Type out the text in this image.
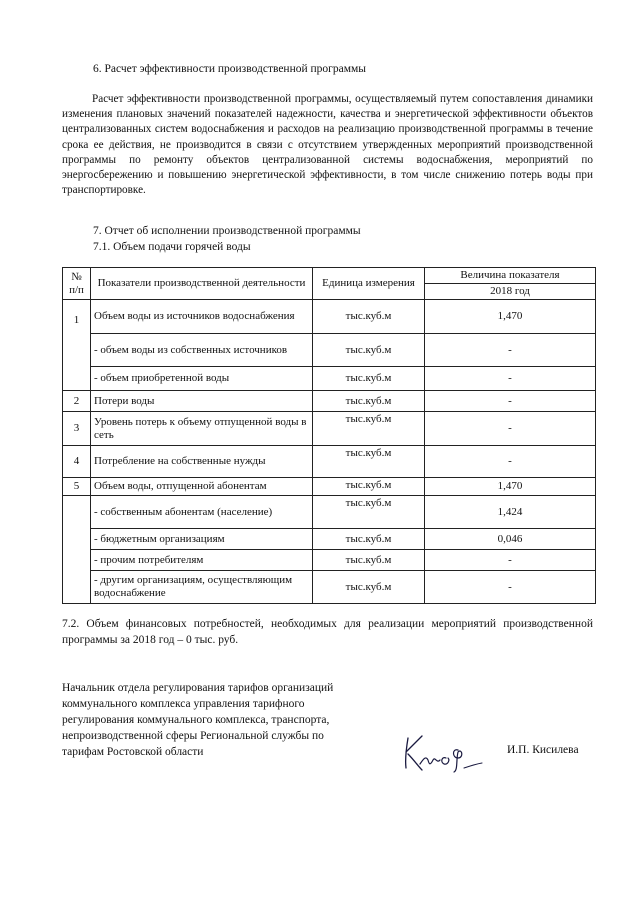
6. Расчет эффективности производственной программы
Расчет эффективности производственной программы, осуществляемый путем сопоставления динамики изменения плановых значений показателей надежности, качества и энергетической эффективности объектов централизованных систем водоснабжения и расходов на реализацию производственной программы в течение срока ее действия, не производится в связи с отсутствием утвержденных мероприятий производственной программы по ремонту объектов централизованной системы водоснабжения, мероприятий по энергосбережению и повышению энергетической эффективности, в том числе снижению потерь воды при транспортировке.
7. Отчет об исполнении производственной программы
7.1. Объем подачи горячей воды
№ п/п	Показатели производственной деятельности	Единица измерения	Величина показателя
			2018 год
1	Объем воды из источников водоснабжения	тыс.куб.м	1,470
	- объем воды из собственных источников	тыс.куб.м	-
	- объем приобретенной воды	тыс.куб.м	-
2	Потери воды	тыс.куб.м	-
3	Уровень потерь к объему отпущенной воды в сеть	тыс.куб.м	-
4	Потребление на собственные нужды	тыс.куб.м	-
5	Объем воды, отпущенной абонентам	тыс.куб.м	1,470
	- собственным абонентам (население)	тыс.куб.м	1,424
	- бюджетным организациям	тыс.куб.м	0,046
	- прочим потребителям	тыс.куб.м	-
	- другим организациям, осуществляющим водоснабжение	тыс.куб.м	-
7.2. Объем финансовых потребностей, необходимых для реализации мероприятий производственной программы за 2018 год – 0 тыс. руб.
Начальник отдела регулирования тарифов организаций
коммунального комплекса управления тарифного
регулирования коммунального комплекса, транспорта,
непроизводственной сферы Региональной службы по
тарифам Ростовской области	И.П. Кисилева
